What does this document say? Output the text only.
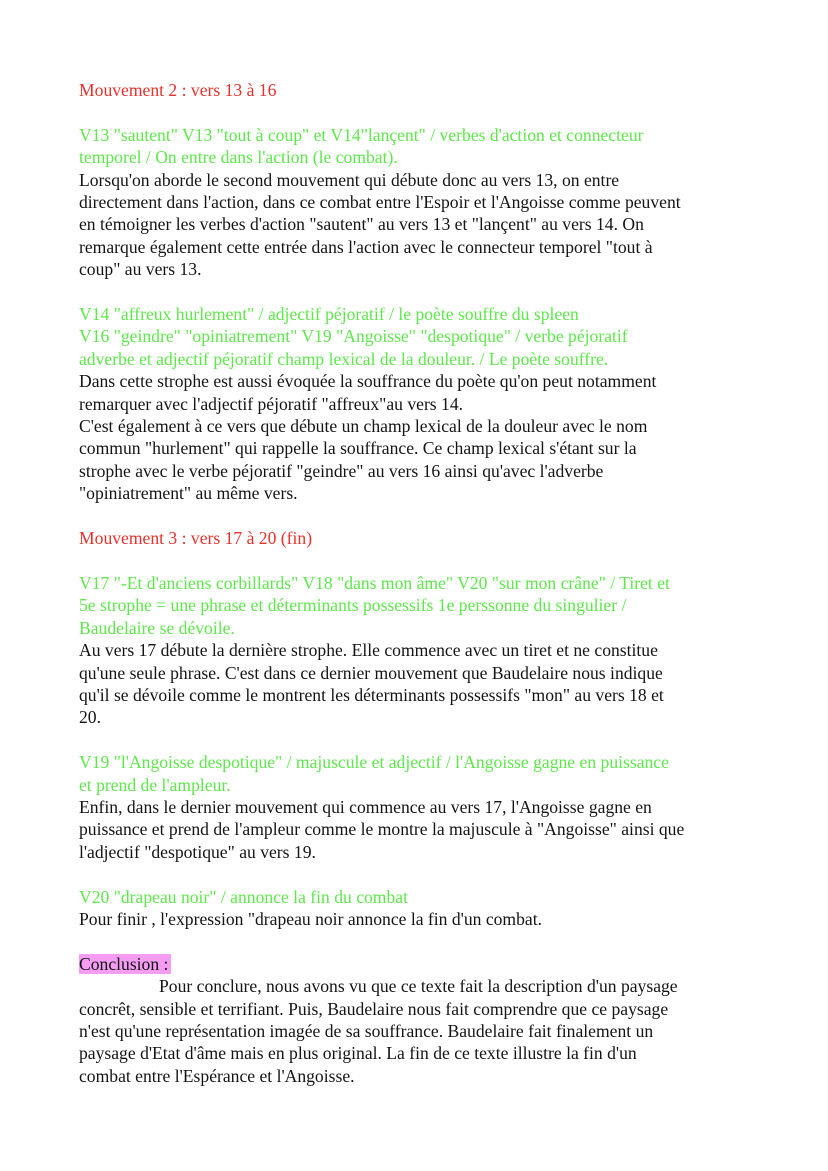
Mouvement 2 : vers 13 à 16

V13 "sautent" V13 "tout à coup" et V14"lançent" / verbes d'action et connecteur
temporel / On entre dans l'action (le combat).

Lorsqu'on aborde le second mouvement qui débute donc au vers 13, on entre
directement dans l'action, dans ce combat entre l'Espoir et l'Angoisse comme peuvent
en témoigner les verbes d'action "sautent" au vers 13 et "lançent" au vers 14. On
remarque également cette entrée dans l'action avec le connecteur temporel "tout à
coup" au vers 13.

V14 "affreux hurlement" / adjectif péjoratif / le poète souffre du spleen
V16 "geindre" "opiniatrement" V19 "Angoisse" "despotique" / verbe péjoratif
adverbe et adjectif péjoratif champ lexical de la douleur. / Le poète souffre.

Dans cette strophe est aussi évoquée la souffrance du poète qu'on peut notamment
remarquer avec l'adjectif péjoratif "affreux"au vers 14.
C'est également à ce vers que débute un champ lexical de la douleur avec le nom
commun "hurlement" qui rappelle la souffrance. Ce champ lexical s'étant sur la
strophe avec le verbe péjoratif "geindre" au vers 16 ainsi qu'avec l'adverbe
"opiniatrement" au même vers.

Mouvement 3 : vers 17 à 20 (fin)

V17 "-Et d'anciens corbillards" V18 "dans mon âme" V20 "sur mon crâne" / Tiret et
5e strophe = une phrase et déterminants possessifs 1e perssonne du singulier /
Baudelaire se dévoile.

Au vers 17 débute la dernière strophe. Elle commence avec un tiret et ne constitue
qu'une seule phrase. C'est dans ce dernier mouvement que Baudelaire nous indique
qu'il se dévoile comme le montrent les déterminants possessifs "mon" au vers 18 et
20.

V19 "l'Angoisse despotique" / majuscule et adjectif / l'Angoisse gagne en puissance
et prend de l'ampleur.

Enfin, dans le dernier mouvement qui commence au vers 17, l'Angoisse gagne en
puissance et prend de l'ampleur comme le montre la majuscule à "Angoisse" ainsi que
l'adjectif "despotique" au vers 19.

V20 "drapeau noir" / annonce la fin du combat

Pour finir , l'expression "drapeau noir annonce la fin d'un combat.

Conclusion :

Pour conclure, nous avons vu que ce texte fait la description d'un paysage
concrêt, sensible et terrifiant. Puis, Baudelaire nous fait comprendre que ce paysage
n'est qu'une représentation imagée de sa souffrance. Baudelaire fait finalement un
paysage d'Etat d'âme mais en plus original. La fin de ce texte illustre la fin d'un
combat entre l'Espérance et l'Angoisse.
